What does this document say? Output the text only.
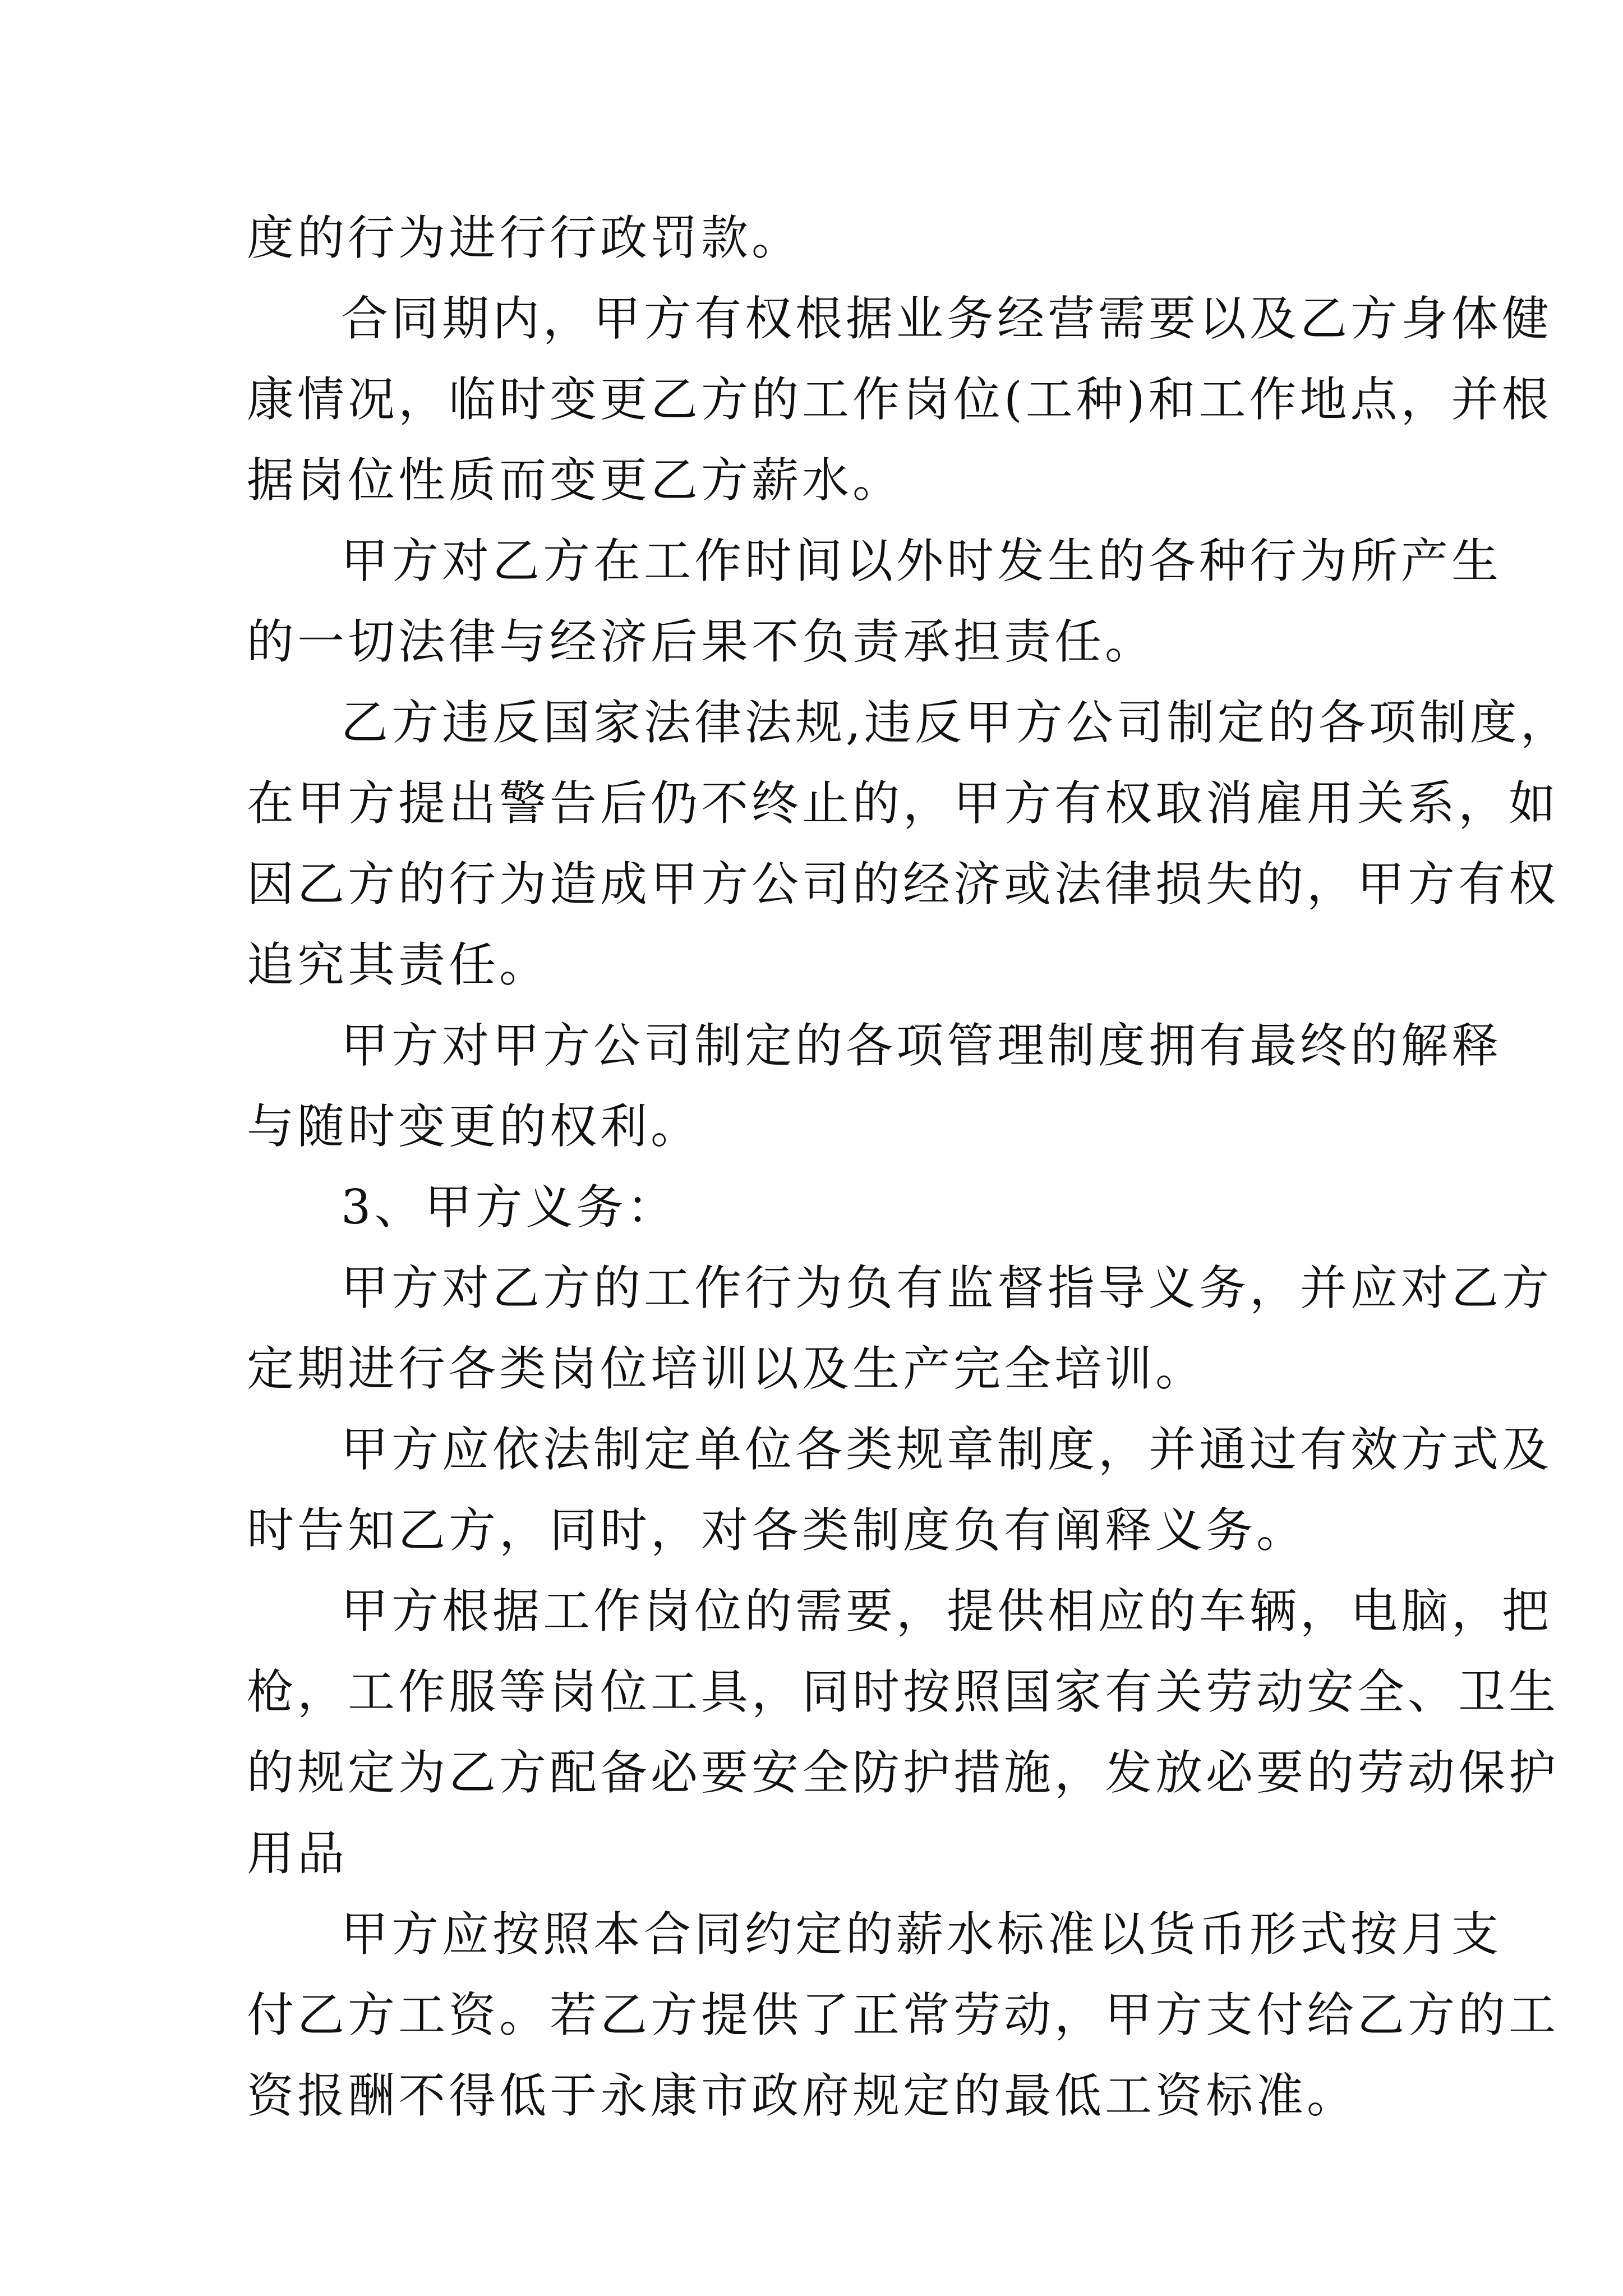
度的行为进行行政罚款。
合同期内，甲方有权根据业务经营需要以及乙方身体健
康情况，临时变更乙方的工作岗位(工种)和工作地点，并根
据岗位性质而变更乙方薪水。
甲方对乙方在工作时间以外时发生的各种行为所产生
的一切法律与经济后果不负责承担责任。
乙方违反国家法律法规,违反甲方公司制定的各项制度，
在甲方提出警告后仍不终止的，甲方有权取消雇用关系，如
因乙方的行为造成甲方公司的经济或法律损失的，甲方有权
追究其责任。
甲方对甲方公司制定的各项管理制度拥有最终的解释
与随时变更的权利。
3、甲方义务：
甲方对乙方的工作行为负有监督指导义务，并应对乙方
定期进行各类岗位培训以及生产完全培训。
甲方应依法制定单位各类规章制度，并通过有效方式及
时告知乙方，同时，对各类制度负有阐释义务。
甲方根据工作岗位的需要，提供相应的车辆，电脑，把
枪，工作服等岗位工具，同时按照国家有关劳动安全、卫生
的规定为乙方配备必要安全防护措施，发放必要的劳动保护
用品
甲方应按照本合同约定的薪水标准以货币形式按月支
付乙方工资。若乙方提供了正常劳动，甲方支付给乙方的工
资报酬不得低于永康市政府规定的最低工资标准。
